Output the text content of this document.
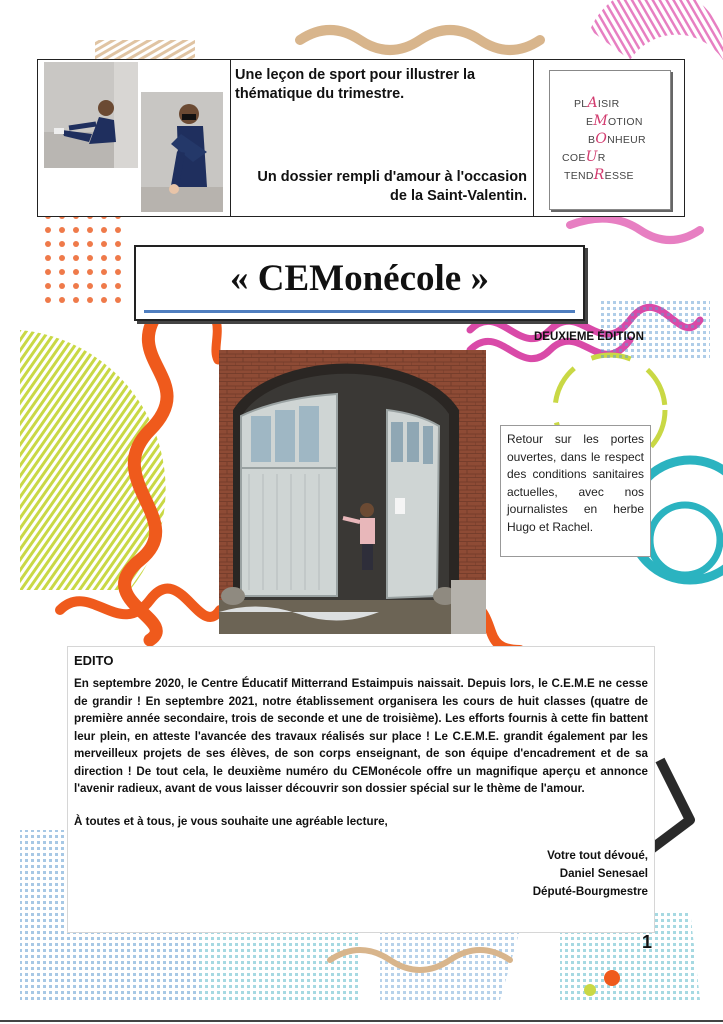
Une leçon de sport pour illustrer la thématique du trimestre.
Un dossier rempli d'amour à l'occasion de la Saint-Valentin.
PLAISIR
EMOTION
BONHEUR
COEUR
TENDRESSE
« CEMonécole »
DEUXIEME ÉDITION
Retour sur les portes ouvertes, dans le respect des conditions sanitaires actuelles, avec nos journalistes en herbe Hugo et Rachel.
EDITO

En septembre 2020, le Centre Éducatif Mitterrand Estaimpuis naissait. Depuis lors, le C.E.M.E ne cesse de grandir ! En septembre 2021, notre établissement organisera les cours de huit classes (quatre de première année secondaire, trois de seconde et une de troisième). Les efforts fournis à cette fin battent leur plein, en atteste l'avancée des travaux réalisés sur place ! Le C.E.M.E. grandit également par les merveilleux projets de ses élèves, de son corps enseignant, de son équipe d'encadrement et de sa direction ! De tout cela, le deuxième numéro du CEMonécole offre un magnifique aperçu et annonce l'avenir radieux, avant de vous laisser découvrir son dossier spécial sur le thème de l'amour.

À toutes et à tous, je vous souhaite une agréable lecture,

Votre tout dévoué,
Daniel Senesael
Député-Bourgmestre
1
